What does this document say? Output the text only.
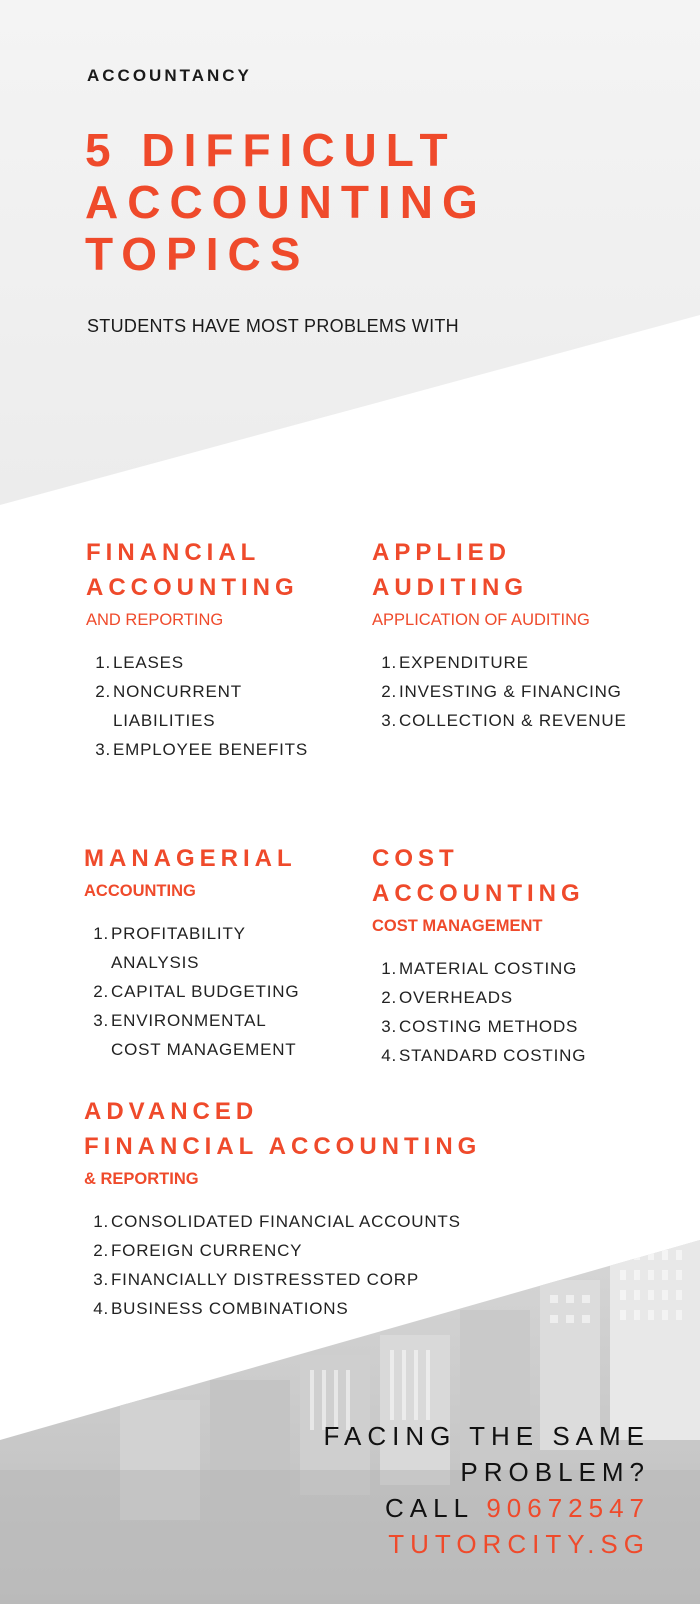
ACCOUNTANCY
5 DIFFICULT
ACCOUNTING
TOPICS
STUDENTS HAVE MOST PROBLEMS WITH
FINANCIAL
ACCOUNTING
AND REPORTING
1. LEASES
2. NONCURRENT
LIABILITIES
3. EMPLOYEE BENEFITS
APPLIED
AUDITING
APPLICATION OF AUDITING
1. EXPENDITURE
2. INVESTING & FINANCING
3. COLLECTION & REVENUE
MANAGERIAL
ACCOUNTING
1. PROFITABILITY
ANALYSIS
2. CAPITAL BUDGETING
3. ENVIRONMENTAL
COST MANAGEMENT
COST
ACCOUNTING
COST MANAGEMENT
1. MATERIAL COSTING
2. OVERHEADS
3. COSTING METHODS
4. STANDARD COSTING
ADVANCED
FINANCIAL ACCOUNTING
& REPORTING
1. CONSOLIDATED FINANCIAL ACCOUNTS
2. FOREIGN CURRENCY
3. FINANCIALLY DISTRESSTED CORP
4. BUSINESS COMBINATIONS
FACING THE SAME
PROBLEM?
CALL 90672547
TUTORCITY.SG
